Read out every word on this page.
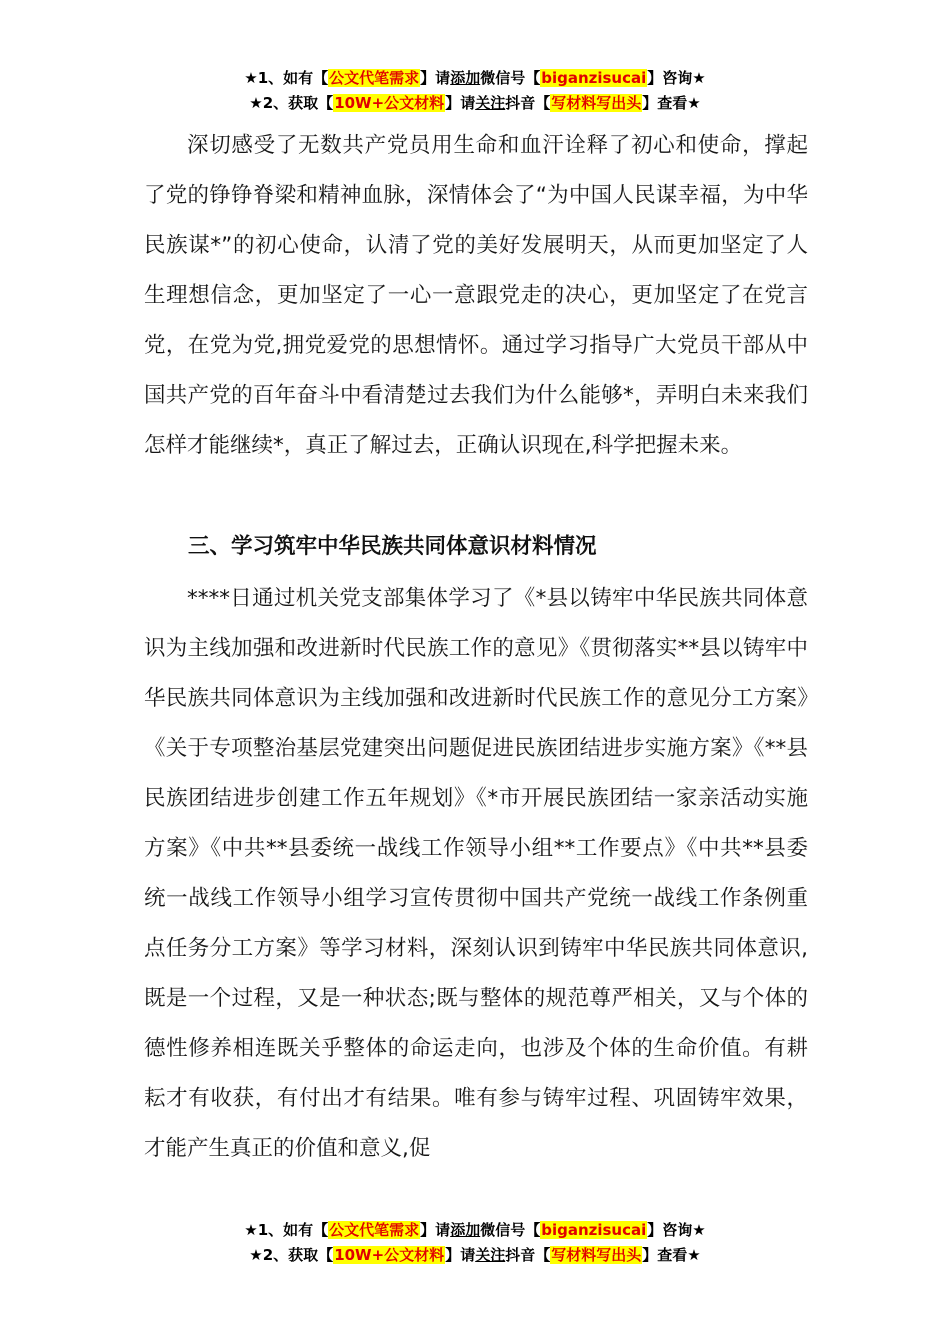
★1、如有【公文代笔需求】请添加微信号【biganzisucai】咨询★
★2、获取【10W+公文材料】请关注抖音【写材料写出头】查看★

深切感受了无数共产党员用生命和血汗诠释了初心和使命，撑起了党的铮铮脊梁和精神血脉，深情体会了“为中国人民谋幸福，为中华民族谋*”的初心使命，认清了党的美好发展明天，从而更加坚定了人生理想信念，更加坚定了一心一意跟党走的决心，更加坚定了在党言党，在党为党,拥党爱党的思想情怀。通过学习指导广大党员干部从中国共产党的百年奋斗中看清楚过去我们为什么能够*，弄明白未来我们怎样才能继续*，真正了解过去，正确认识现在,科学把握未来。

三、学习筑牢中华民族共同体意识材料情况

****日通过机关党支部集体学习了《*县以铸牢中华民族共同体意识为主线加强和改进新时代民族工作的意见》《贯彻落实**县以铸牢中华民族共同体意识为主线加强和改进新时代民族工作的意见分工方案》《关于专项整治基层党建突出问题促进民族团结进步实施方案》《**县民族团结进步创建工作五年规划》《*市开展民族团结一家亲活动实施方案》《中共**县委统一战线工作领导小组**工作要点》《中共**县委统一战线工作领导小组学习宣传贯彻中国共产党统一战线工作条例重点任务分工方案》等学习材料，深刻认识到铸牢中华民族共同体意识,既是一个过程，又是一种状态;既与整体的规范尊严相关，又与个体的德性修养相连既关乎整体的命运走向，也涉及个体的生命价值。有耕耘才有收获，有付出才有结果。唯有参与铸牢过程、巩固铸牢效果，才能产生真正的价值和意义,促

★1、如有【公文代笔需求】请添加微信号【biganzisucai】咨询★
★2、获取【10W+公文材料】请关注抖音【写材料写出头】查看★
